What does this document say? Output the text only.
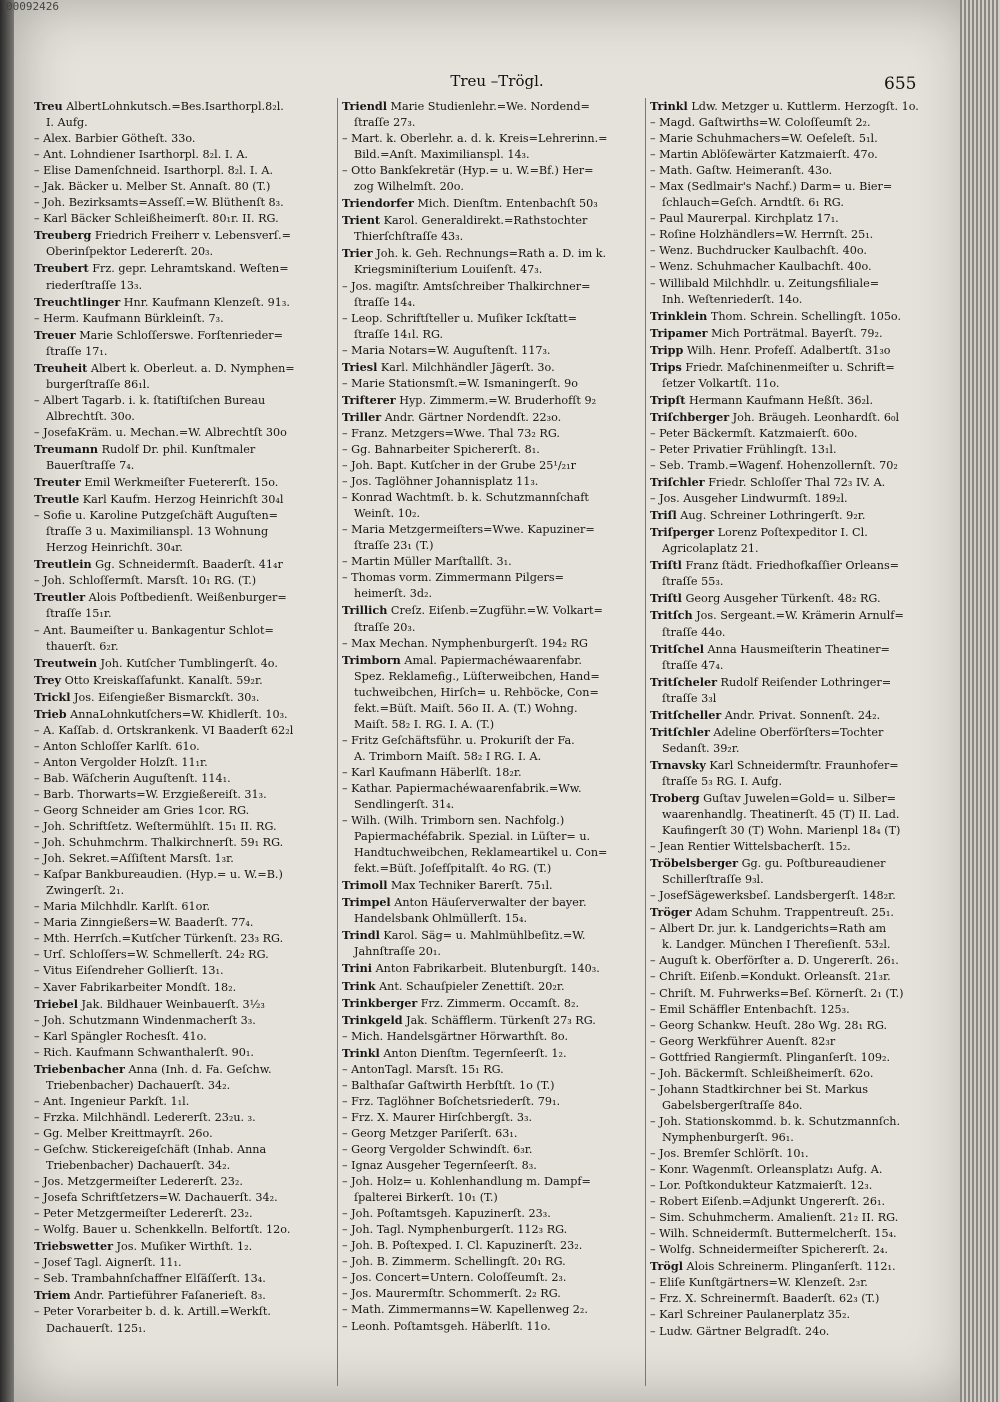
Treu –Trögl.	655
Treu AlbertLohnkutsch.=Bes.Isarthorpl.8₂l.
I. Aufg.
– Alex. Barbier Götheſt. 33o.
– Ant. Lohndiener Isarthorpl. 8₂l. I. A.
– Elise Damenſchneid. Isarthorpl. 8₂l. I. A.
– Jak. Bäcker u. Melber St. Annaſt. 80 (T.)
– Joh. Bezirksamts=Asseſſ.=W. Blüthenſt 8₃.
– Karl Bäcker Schleißheimerſt. 80₁r. II. RG.
Treuberg Friedrich Freiherr v. Lebensverſ.=
Oberinſpektor Ledererſt. 20₃.
Treubert Frz. gepr. Lehramtskand. Weſten=
riederſtraſſe 13₃.
Treuchtlinger Hnr. Kaufmann Klenzeſt. 91₃.
– Herm. Kaufmann Bürkleinſt. 7₃.
Treuer Marie Schloſſerswe. Forſtenrieder=
ſtraſſe 17₁.
Treuheit Albert k. Oberleut. a. D. Nymphen=
burgerſtraſſe 86₁l.
– Albert Tagarb. i. k. ſtatiſtiſchen Bureau
Albrechtſt. 30o.
– JosefaKräm. u. Mechan.=W. Albrechtſt 30o
Treumann Rudolf Dr. phil. Kunſtmaler
Bauerſtraſſe 7₄.
Treuter Emil Werkmeiſter Fuetererſt. 15o.
Treutle Karl Kaufm. Herzog Heinrichſt 30₄l
– Sofie u. Karoline Putzgeſchäft Auguſten=
ſtraſſe 3 u. Maximilianspl. 13 Wohnung
Herzog Heinrichſt. 30₄r.
Treutlein Gg. Schneidermſt. Baaderſt. 41₄r
– Joh. Schloſſermſt. Marsſt. 10₁ RG. (T.)
Treutler Alois Poſtbedienſt. Weißenburger=
ſtraſſe 15₁r.
– Ant. Baumeiſter u. Bankagentur Schlot=
thauerſt. 6₂r.
Treutwein Joh. Kutſcher Tumblingerſt. 4o.
Trey Otto Kreiskaſſafunkt. Kanalſt. 59₂r.
Trickl Jos. Eiſengießer Bismarckſt. 30₃.
Trieb AnnaLohnkutſchers=W. Khidlerſt. 10₃.
– A. Kaſſab. d. Ortskrankenk. VI Baaderſt 62₂l
– Anton Schloſſer Karlſt. 61o.
– Anton Vergolder Holzſt. 11₁r.
– Bab. Wäſcherin Auguſtenſt. 114₁.
– Barb. Thorwarts=W. Erzgießereiſt. 31₃.
– Georg Schneider am Gries 1cor. RG.
– Joh. Schriftſetz. Weſtermühlſt. 15₁ II. RG.
– Joh. Schuhmchrm. Thalkirchnerſt. 59₁ RG.
– Joh. Sekret.=Aſſiſtent Marsſt. 1₃r.
– Kaſpar Bankbureaudien. (Hyp.= u. W.=B.)
Zwingerſt. 2₁.
– Maria Milchhdlr. Karlſt. 61or.
– Maria Zinngießers=W. Baaderſt. 77₄.
– Mth. Herrſch.=Kutſcher Türkenſt. 23₃ RG.
– Urſ. Schloſſers=W. Schmellerſt. 24₂ RG.
– Vitus Eiſendreher Gollierſt. 13₁.
– Xaver Fabrikarbeiter Mondſt. 18₂.
Triebel Jak. Bildhauer Weinbauerſt. 3½₃
– Joh. Schutzmann Windenmacherſt 3₃.
– Karl Spängler Rochesſt. 41o.
– Rich. Kaufmann Schwanthalerſt. 90₁.
Triebenbacher Anna (Inh. d. Fa. Geſchw.
Triebenbacher) Dachauerſt. 34₂.
– Ant. Ingenieur Parkſt. 1₁l.
– Frzka. Milchhändl. Ledererſt. 23₂u. ₃.
– Gg. Melber Kreittmayrſt. 26o.
– Geſchw. Stickereigeſchäft (Inhab. Anna
Triebenbacher) Dachauerſt. 34₂.
– Jos. Metzgermeiſter Ledererſt. 23₂.
– Josefa Schriftſetzers=W. Dachauerſt. 34₂.
– Peter Metzgermeiſter Ledererſt. 23₂.
– Wolfg. Bauer u. Schenkkelln. Belfortſt. 12o.
Triebswetter Jos. Muſiker Wirthſt. 1₂.
– Josef Tagl. Aignerſt. 11₁.
– Seb. Trambahnſchaffner Elſäſſerſt. 13₄.
Triem Andr. Partieführer Faſanerieſt. 8₃.
– Peter Vorarbeiter b. d. k. Artill.=Werkſt.
Dachauerſt. 125₁.
Triendl Marie Studienlehr.=We. Nordend=
ſtraſſe 27₃.
– Mart. k. Oberlehr. a. d. k. Kreis=Lehrerinn.=
Bild.=Anſt. Maximilianspl. 14₃.
– Otto Bankſekretär (Hyp.= u. W.=Bf.) Her=
zog Wilhelmſt. 20o.
Triendorfer Mich. Dienſtm. Entenbachſt 50₃
Trient Karol. Generaldirekt.=Rathstochter
Thierſchſtraſſe 43₃.
Trier Joh. k. Geh. Rechnungs=Rath a. D. im k.
Kriegsminiſterium Louiſenſt. 47₃.
– Jos. magiſtr. Amtsſchreiber Thalkirchner=
ſtraſſe 14₄.
– Leop. Schriftſteller u. Muſiker Ickſtatt=
ſtraſſe 14₁l. RG.
– Maria Notars=W. Auguſtenſt. 117₃.
Triesl Karl. Milchhändler Jägerſt. 3o.
– Marie Stationsmſt.=W. Ismaningerſt. 9o
Trifterer Hyp. Zimmerm.=W. Bruderhofſt 9₂
Triller Andr. Gärtner Nordendſt. 22₃o.
– Franz. Metzgers=Wwe. Thal 73₂ RG.
– Gg. Bahnarbeiter Spichererſt. 8₁.
– Joh. Bapt. Kutſcher in der Grube 25¹/₂₁r
– Jos. Taglöhner Johannisplatz 11₃.
– Konrad Wachtmſt. b. k. Schutzmannſchaft
Weinſt. 10₂.
– Maria Metzgermeiſters=Wwe. Kapuziner=
ſtraſſe 23₁ (T.)
– Martin Müller Marſtallſt. 3₁.
– Thomas vorm. Zimmermann Pilgers=
heimerſt. 3d₂.
Trillich Creſz. Eiſenb.=Zugführ.=W. Volkart=
ſtraſſe 20₃.
– Max Mechan. Nymphenburgerſt. 194₂ RG
Trimborn Amal. Papiermachéwaarenfabr.
Spez. Reklamefig., Lüſterweibchen, Hand=
tuchweibchen, Hirſch= u. Rehböcke, Con=
fekt.=Büſt. Maiſt. 56o II. A. (T.) Wohng.
Maiſt. 58₂ I. RG. I. A. (T.)
– Fritz Geſchäftsführ. u. Prokuriſt der Fa.
A. Trimborn Maiſt. 58₂ I RG. I. A.
– Karl Kaufmann Häberlſt. 18₂r.
– Kathar. Papiermachéwaarenfabrik.=Ww.
Sendlingerſt. 31₄.
– Wilh. (Wilh. Trimborn sen. Nachfolg.)
Papiermachéfabrik. Spezial. in Lüſter= u.
Handtuchweibchen, Reklameartikel u. Con=
fekt.=Büſt. Joſefſpitalſt. 4o RG. (T.)
Trimoll Max Techniker Barerſt. 75₁l.
Trimpel Anton Häuſerverwalter der bayer.
Handelsbank Ohlmüllerſt. 15₄.
Trindl Karol. Säg= u. Mahlmühlbeſitz.=W.
Jahnſtraſſe 20₁.
Trini Anton Fabrikarbeit. Blutenburgſt. 140₃.
Trink Ant. Schauſpieler Zenettiſt. 20₂r.
Trinkberger Frz. Zimmerm. Occamſt. 8₂.
Trinkgeld Jak. Schäfflerm. Türkenſt 27₃ RG.
– Mich. Handelsgärtner Hörwarthſt. 8o.
Trinkl Anton Dienſtm. Tegernſeerſt. 1₂.
– AntonTagl. Marsſt. 15₁ RG.
– Balthaſar Gaſtwirth Herbſtſt. 1o (T.)
– Frz. Taglöhner Boſchetsriederſt. 79₁.
– Frz. X. Maurer Hirſchbergſt. 3₃.
– Georg Metzger Pariſerſt. 63₁.
– Georg Vergolder Schwindſt. 6₃r.
– Ignaz Ausgeher Tegernſeerſt. 8₃.
– Joh. Holz= u. Kohlenhandlung m. Dampf=
ſpalterei Birkerſt. 10₁ (T.)
– Joh. Poſtamtsgeh. Kapuzinerſt. 23₃.
– Joh. Tagl. Nymphenburgerſt. 112₃ RG.
– Joh. B. Poſtexped. I. Cl. Kapuzinerſt. 23₂.
– Joh. B. Zimmerm. Schellingſt. 20₁ RG.
– Jos. Concert=Untern. Coloſſeumſt. 2₃.
– Jos. Maurermſtr. Schommerſt. 2₂ RG.
– Math. Zimmermanns=W. Kapellenweg 2₂.
– Leonh. Poſtamtsgeh. Häberlſt. 11o.
Trinkl Ldw. Metzger u. Kuttlerm. Herzogſt. 1o.
– Magd. Gaſtwirths=W. Coloſſeumſt 2₂.
– Marie Schuhmachers=W. Oeſeleſt. 5₁l.
– Martin Ablöſewärter Katzmaierſt. 47o.
– Math. Gaſtw. Heimeranſt. 43o.
– Max (Sedlmair's Nachf.) Darm= u. Bier=
ſchlauch=Geſch. Arndtſt. 6₁ RG.
– Paul Maurerpal. Kirchplatz 17₁.
– Roſine Holzhändlers=W. Herrnſt. 25₁.
– Wenz. Buchdrucker Kaulbachſt. 40o.
– Wenz. Schuhmacher Kaulbachſt. 40o.
– Willibald Milchhdlr. u. Zeitungsfiliale=
Inh. Weſtenriederſt. 14o.
Trinklein Thom. Schrein. Schellingſt. 105o.
Tripamer Mich Porträtmal. Bayerſt. 79₂.
Tripp Wilh. Henr. Profeſſ. Adalbertſt. 31₃o
Trips Friedr. Maſchinenmeiſter u. Schrift=
ſetzer Volkartſt. 11o.
Tripſt Hermann Kaufmann Heßſt. 36₂l.
Triſchberger Joh. Bräugeh. Leonhardſt. 6₀l
– Peter Bäckermſt. Katzmaierſt. 60o.
– Peter Privatier Frühlingſt. 13₁l.
– Seb. Tramb.=Wagenf. Hohenzollernſt. 70₂
Triſchler Friedr. Schloſſer Thal 72₃ IV. A.
– Jos. Ausgeher Lindwurmſt. 189₂l.
Triſl Aug. Schreiner Lothringerſt. 9₂r.
Triſperger Lorenz Poſtexpeditor I. Cl.
Agricolaplatz 21.
Triſtl Franz ſtädt. Friedhofkaſſier Orleans=
ſtraſſe 55₃.
Triſtl Georg Ausgeher Türkenſt. 48₂ RG.
Tritſch Jos. Sergeant.=W. Krämerin Arnulf=
ſtraſſe 44o.
Tritſchel Anna Hausmeiſterin Theatiner=
ſtraſſe 47₄.
Tritſcheler Rudolf Reiſender Lothringer=
ſtraſſe 3₃l
Tritſcheller Andr. Privat. Sonnenſt. 24₂.
Tritſchler Adeline Oberförſters=Tochter
Sedanſt. 39₂r.
Trnavsky Karl Schneidermſtr. Fraunhofer=
ſtraſſe 5₃ RG. I. Aufg.
Troberg Guſtav Juwelen=Gold= u. Silber=
waarenhandlg. Theatinerſt. 45 (T) II. Lad.
Kaufingerſt 30 (T) Wohn. Marienpl 18₄ (T)
– Jean Rentier Wittelsbacherſt. 15₂.
Tröbelsberger Gg. gu. Poſtbureaudiener
Schillerſtraſſe 9₃l.
– JosefSägewerksbeſ. Landsbergerſt. 148₂r.
Tröger Adam Schuhm. Trappentreuſt. 25₁.
– Albert Dr. jur. k. Landgerichts=Rath am
k. Landger. München I Thereſienſt. 53₂l.
– Auguſt k. Oberförſter a. D. Ungererſt. 26₁.
– Chriſt. Eiſenb.=Kondukt. Orleansſt. 21₃r.
– Chriſt. M. Fuhrwerks=Beſ. Körnerſt. 2₁ (T.)
– Emil Schäffler Entenbachſt. 125₃.
– Georg Schankw. Heuſt. 28o Wg. 28₁ RG.
– Georg Werkführer Auenſt. 82₃r
– Gottfried Rangiermſt. Plinganſerſt. 109₂.
– Joh. Bäckermſt. Schleißheimerſt. 62o.
– Johann Stadtkirchner bei St. Markus
Gabelsbergerſtraſſe 84o.
– Joh. Stationskommd. b. k. Schutzmannſch.
Nymphenburgerſt. 96₁.
– Jos. Bremſer Schlörſt. 10₁.
– Konr. Wagenmſt. Orleansplatz₁ Aufg. A.
– Lor. Poſtkondukteur Katzmaierſt. 12₃.
– Robert Eiſenb.=Adjunkt Ungererſt. 26₁.
– Sim. Schuhmcherm. Amalienſt. 21₂ II. RG.
– Wilh. Schneidermſt. Buttermelcherſt. 15₄.
– Wolfg. Schneidermeiſter Spichererſt. 2₄.
Trögl Alois Schreinerm. Plinganſerſt. 112₁.
– Eliſe Kunſtgärtners=W. Klenzeſt. 2₃r.
– Frz. X. Schreinermſt. Baaderſt. 62₃ (T.)
– Karl Schreiner Paulanerplatz 35₂.
– Ludw. Gärtner Belgradſt. 24o.
00092426
